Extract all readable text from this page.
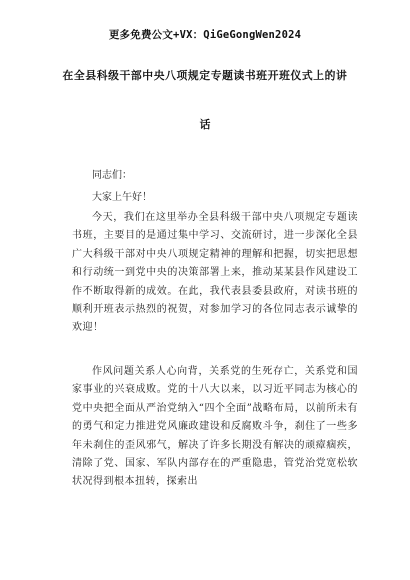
更多免费公文+VX：QiGeGongWen2024
在全县科级干部中央八项规定专题读书班开班仪式上的讲
话
同志们：
大家上午好！

今天，我们在这里举办全县科级干部中央八项规定专题读书班，主要目的是通过集中学习、交流研讨，进一步深化全县广大科级干部对中央八项规定精神的理解和把握，切实把思想和行动统一到党中央的决策部署上来，推动某某县作风建设工作不断取得新的成效。在此，我代表县委县政府，对读书班的顺利开班表示热烈的祝贺，对参加学习的各位同志表示诚挚的欢迎！

作风问题关系人心向背，关系党的生死存亡，关系党和国家事业的兴衰成败。党的十八大以来，以习近平同志为核心的党中央把全面从严治党纳入“四个全面”战略布局，以前所未有的勇气和定力推进党风廉政建设和反腐败斗争，刹住了一些多年未刹住的歪风邪气，解决了许多长期没有解决的顽瘴痼疾，清除了党、国家、军队内部存在的严重隐患，管党治党宽松软状况得到根本扭转，探索出
